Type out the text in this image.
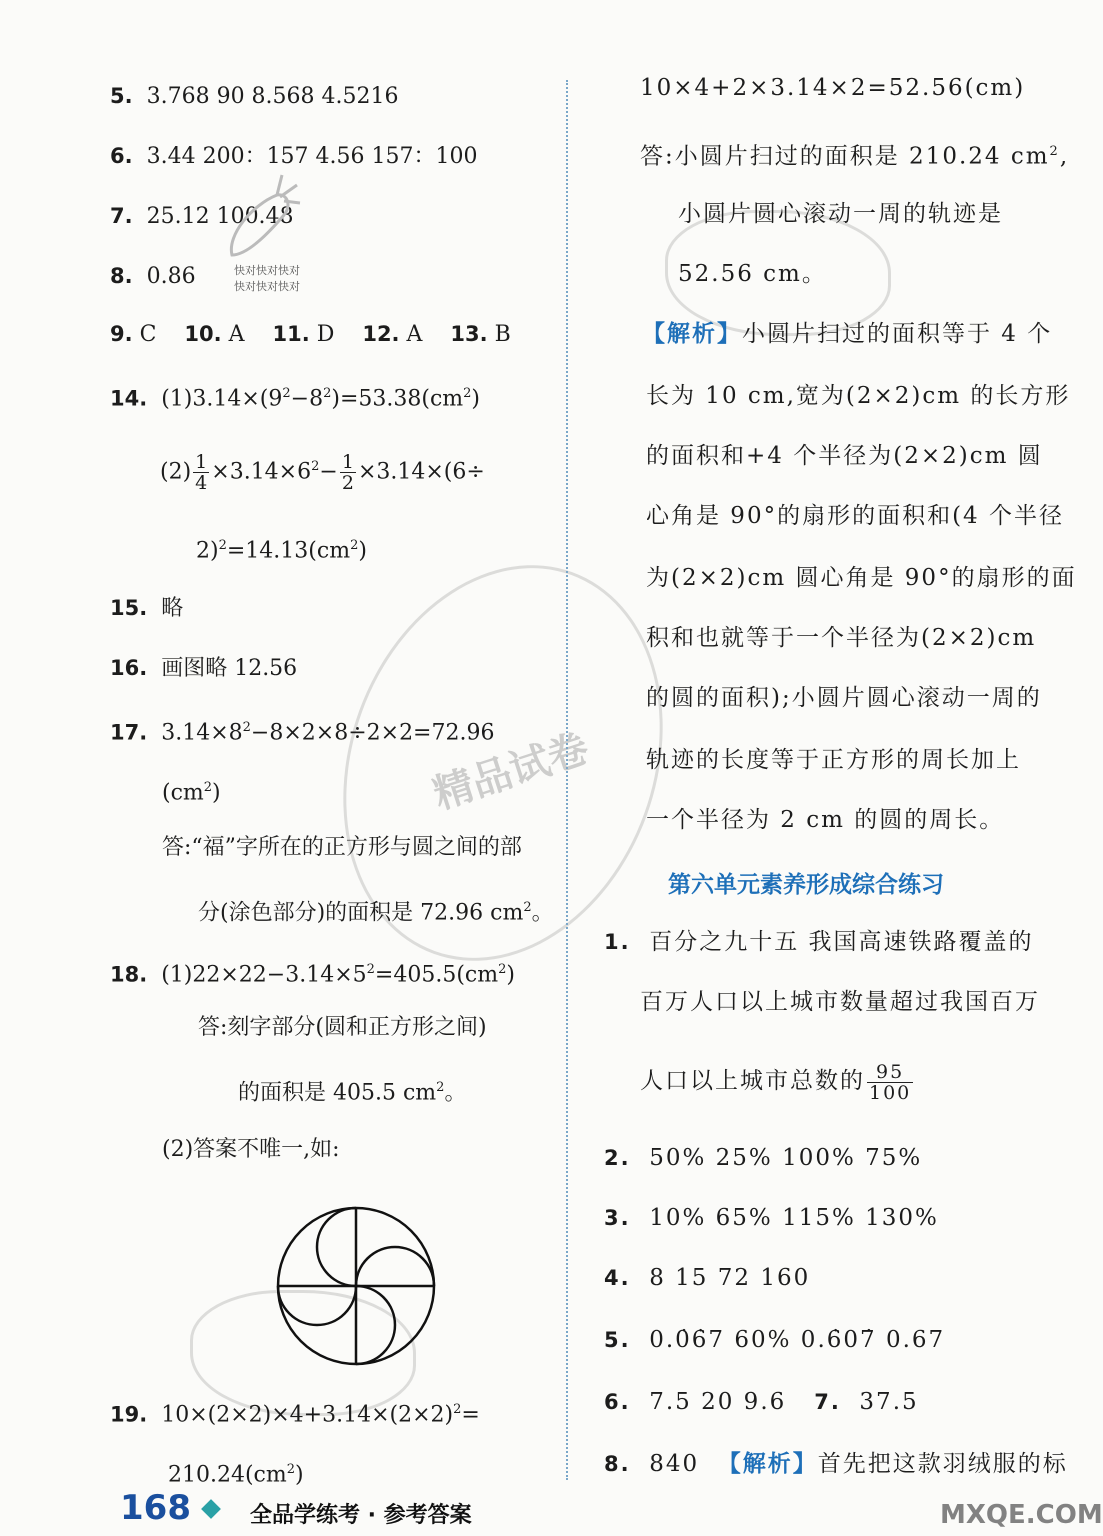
精品试卷
5. 3.768 90 8.568 4.5216
6. 3.44 200：157 4.56 157：100
7. 25.12 100.48
快对快对快对
快对快对快对
8. 0.86
9. C 10. A 11. D 12. A 13. B
14. $(1)3.14\times(9^2-8^2)=53.38(cm^2)$
$(2) \frac{1}{4} \times 3.14\times 6^2- \frac{1}{2} \times 3.14\times(6\div$
$2)^2=14.13(cm^2)$
15. 略
16. 画图略 12.56
17. $3.14\times 8^2-8\times 2\times 8\div 2\times 2=72.96$
$(cm^2)$
答:“福”字所在的正方形与圆之间的部
分(涂色部分)的面积是 72.96 $cm^2$。
18. $(1)22\times 22-3.14\times 5^2=405.5(cm^2)$
答:刻字部分(圆和正方形之间)
的面积是 405.5 $cm^2$。
(2)答案不唯一,如:
19. $10\times(2\times 2)\times 4+3.14\times(2\times 2)^2=$
$210.24(cm^2)$
10×4+2×3.14×2=52.56(cm)
答:小圆片扫过的面积是 210.24 $cm^2$,
小圆片圆心滚动一周的轨迹是
52.56 cm。
【解析】小圆片扫过的面积等于 4 个
长为 10 cm,宽为(2×2)cm 的长方形
的面积和+4 个半径为(2×2)cm 圆
心角是 90°的扇形的面积和(4 个半径
为(2×2)cm 圆心角是 90°的扇形的面
积和也就等于一个半径为(2×2)cm
的圆的面积);小圆片圆心滚动一周的
轨迹的长度等于正方形的周长加上
一个半径为 2 cm 的圆的周长。
第六单元素养形成综合练习
1. 百分之九十五 我国高速铁路覆盖的
百万人口以上城市数量超过我国百万
人口以上城市总数的 $\frac{95}{100}$
2. 50% 25% 100% 75%
3. 10% 65% 115% 130%
4. 8 15 72 160
5. 0.0̇6̇7 60% 0.6̇07̇ 0.67
6. 7.5 20 9.6 7. 37.5
8. 840 【解析】首先把这款羽绒服的标
168	全品学练考 · 参考答案	MXQE.COM
